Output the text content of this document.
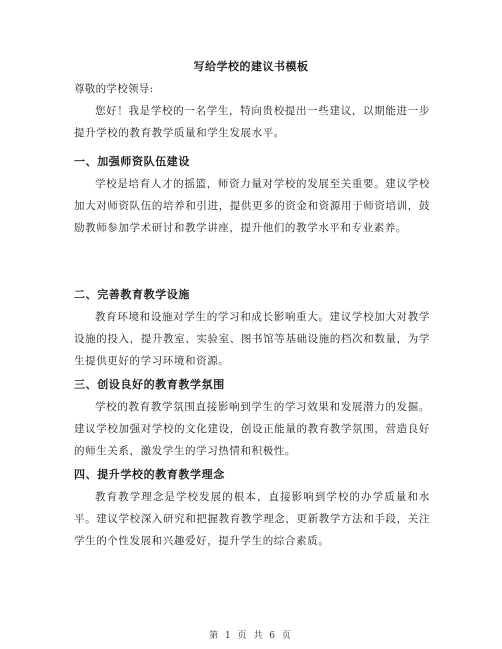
写给学校的建议书模板
尊敬的学校领导:

您好！我是学校的一名学生，特向贵校提出一些建议，以期能进一步提升学校的教育教学质量和学生发展水平。

一、加强师资队伍建设

学校是培育人才的摇篮，师资力量对学校的发展至关重要。建议学校加大对师资队伍的培养和引进，提供更多的资金和资源用于师资培训，鼓励教师参加学术研讨和教学讲座，提升他们的教学水平和专业素养。

二、完善教育教学设施

教育环境和设施对学生的学习和成长影响重大。建议学校加大对教学设施的投入，提升教室、实验室、图书馆等基础设施的档次和数量，为学生提供更好的学习环境和资源。

三、创设良好的教育教学氛围

学校的教育教学氛围直接影响到学生的学习效果和发展潜力的发掘。建议学校加强对学校的文化建设，创设正能量的教育教学氛围，营造良好的师生关系，激发学生的学习热情和积极性。

四、提升学校的教育教学理念

教育教学理念是学校发展的根本，直接影响到学校的办学质量和水平。建议学校深入研究和把握教育教学理念，更新教学方法和手段，关注学生的个性发展和兴趣爱好，提升学生的综合素质。

第 1 页 共 6 页
